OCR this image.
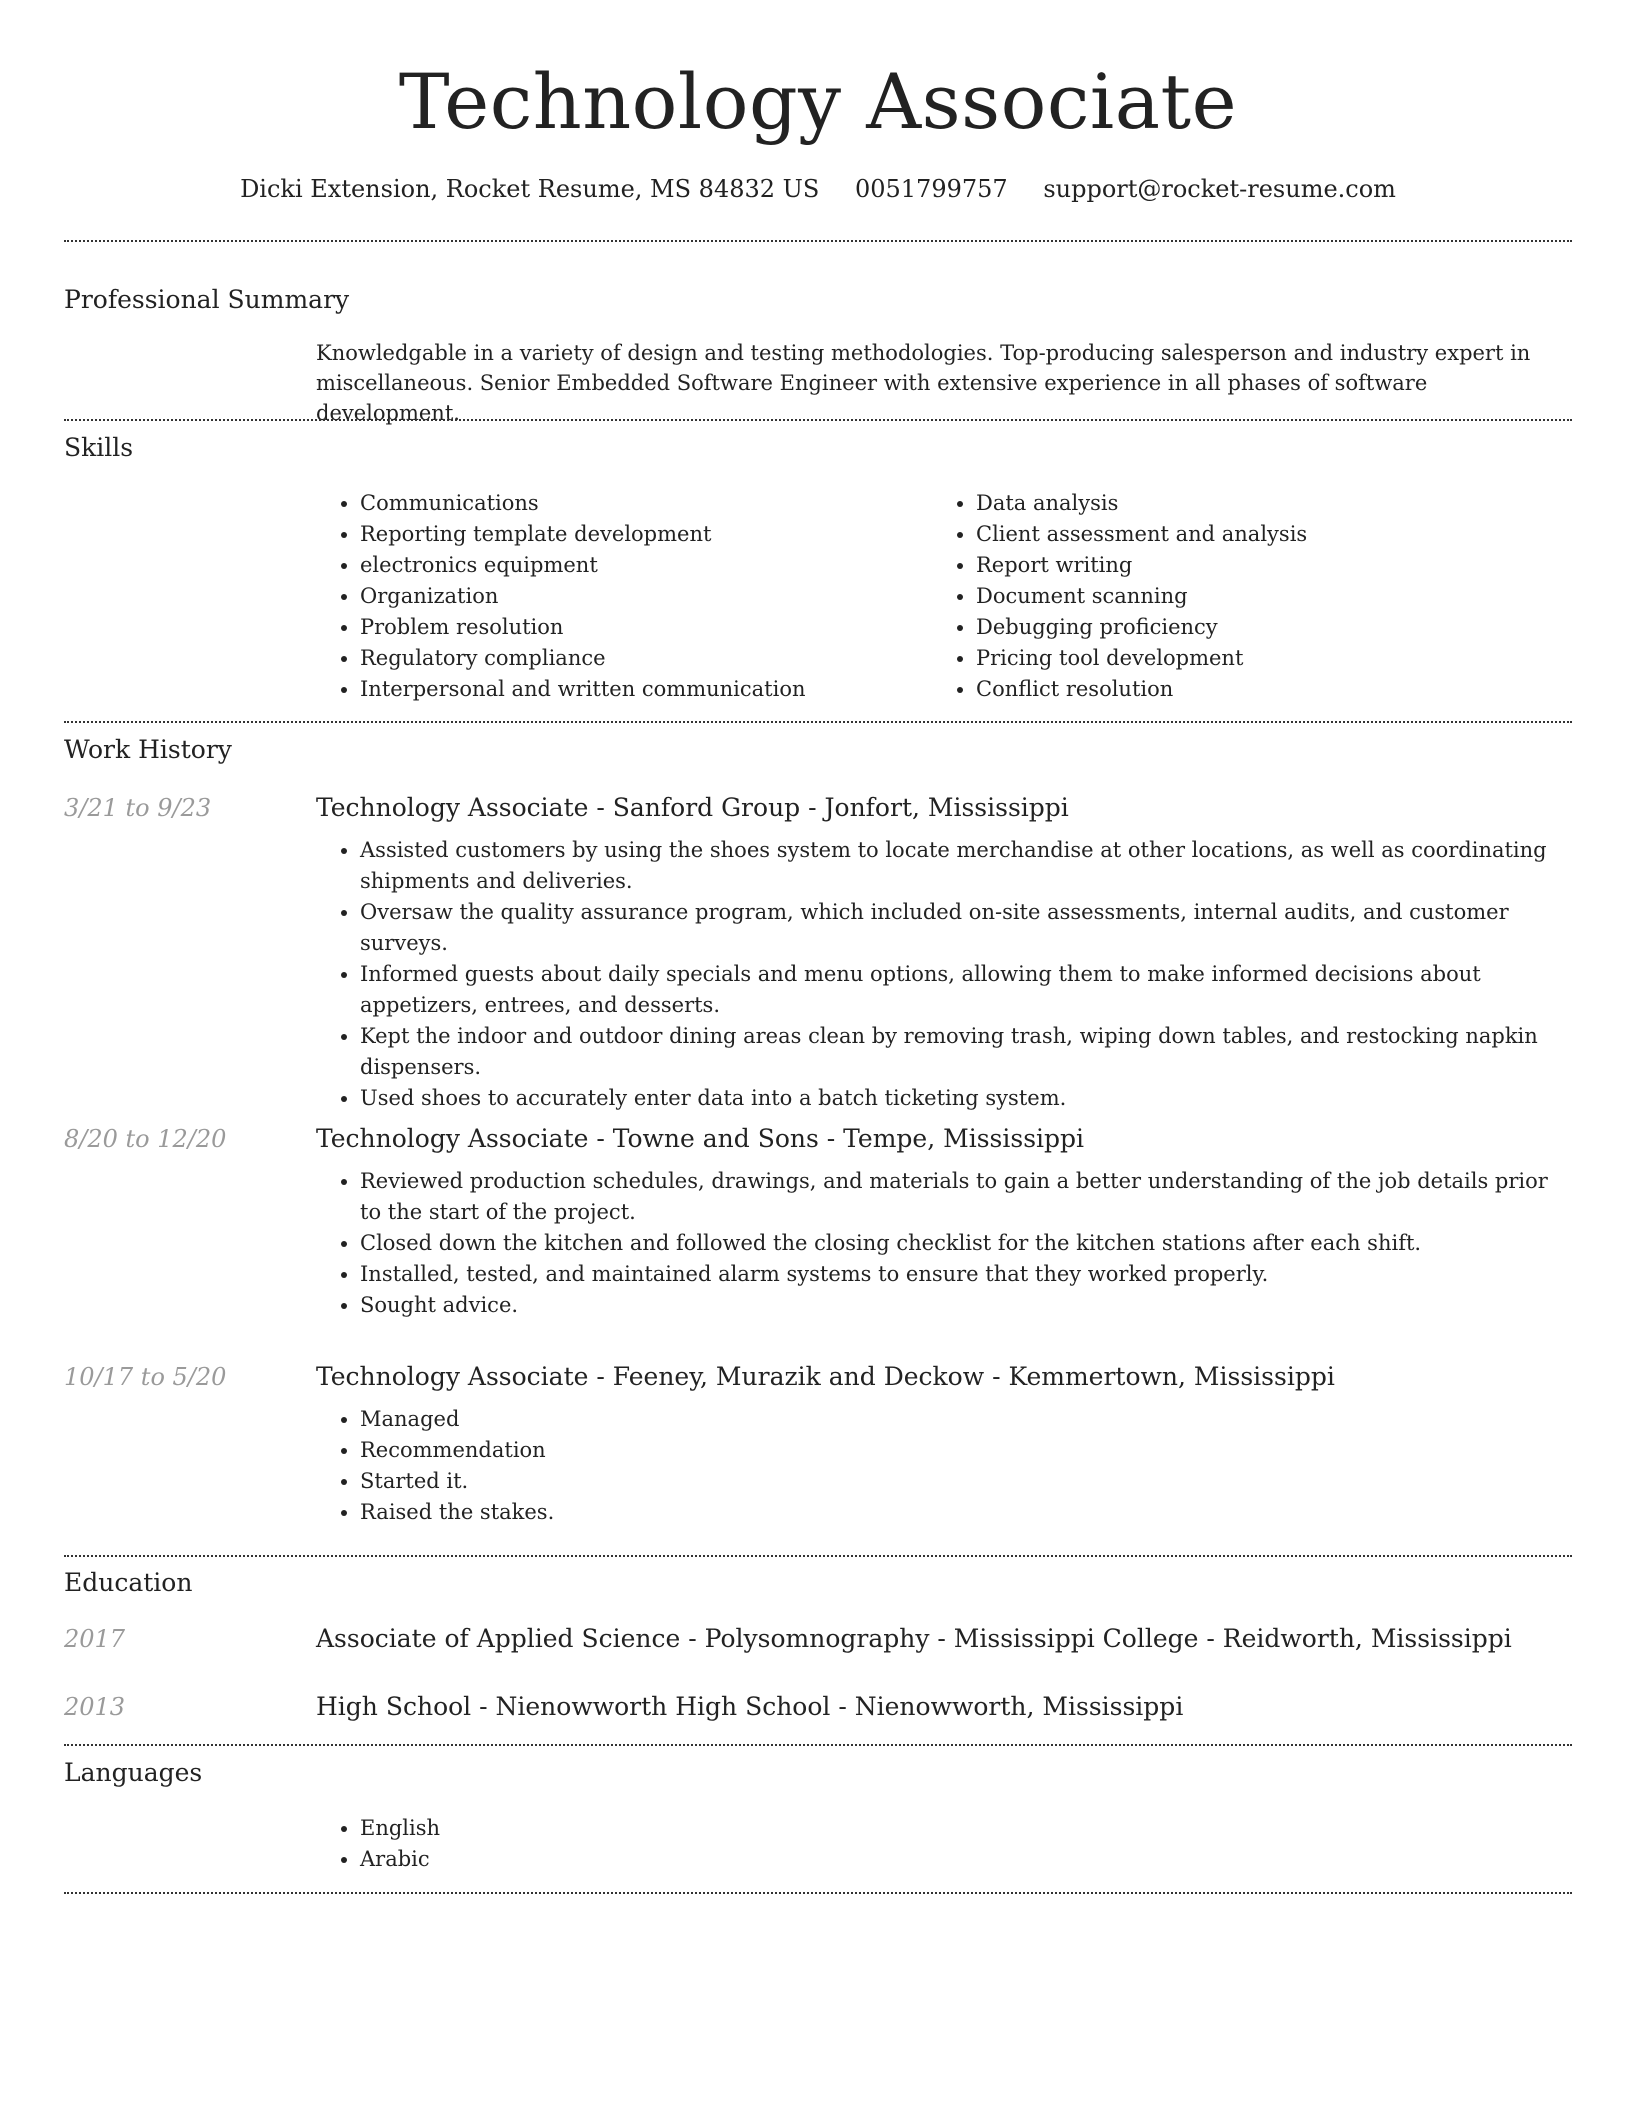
Technology Associate
Dicki Extension, Rocket Resume, MS 84832 US 0051799757 support@rocket-resume.com
Professional Summary

Knowledgable in a variety of design and testing methodologies. Top-producing salesperson and industry expert in miscellaneous. Senior Embedded Software Engineer with extensive experience in all phases of software development.

Skills
• Communications
• Reporting template development
• electronics equipment
• Organization
• Problem resolution
• Regulatory compliance
• Interpersonal and written communication
• Data analysis
• Client assessment and analysis
• Report writing
• Document scanning
• Debugging proficiency
• Pricing tool development
• Conflict resolution
Work History
3/21 to 9/23	Technology Associate - Sanford Group - Jonfort, Mississippi
• Assisted customers by using the shoes system to locate merchandise at other locations, as well as coordinating shipments and deliveries.
• Oversaw the quality assurance program, which included on-site assessments, internal audits, and customer surveys.
• Informed guests about daily specials and menu options, allowing them to make informed decisions about appetizers, entrees, and desserts.
• Kept the indoor and outdoor dining areas clean by removing trash, wiping down tables, and restocking napkin dispensers.
• Used shoes to accurately enter data into a batch ticketing system.
8/20 to 12/20	Technology Associate - Towne and Sons - Tempe, Mississippi
• Reviewed production schedules, drawings, and materials to gain a better understanding of the job details prior to the start of the project.
• Closed down the kitchen and followed the closing checklist for the kitchen stations after each shift.
• Installed, tested, and maintained alarm systems to ensure that they worked properly.
• Sought advice.
10/17 to 5/20	Technology Associate - Feeney, Murazik and Deckow - Kemmertown, Mississippi
• Managed
• Recommendation
• Started it.
• Raised the stakes.
Education
2017	Associate of Applied Science - Polysomnography - Mississippi College - Reidworth, Mississippi
2013	High School - Nienowworth High School - Nienowworth, Mississippi
Languages
• English
• Arabic
